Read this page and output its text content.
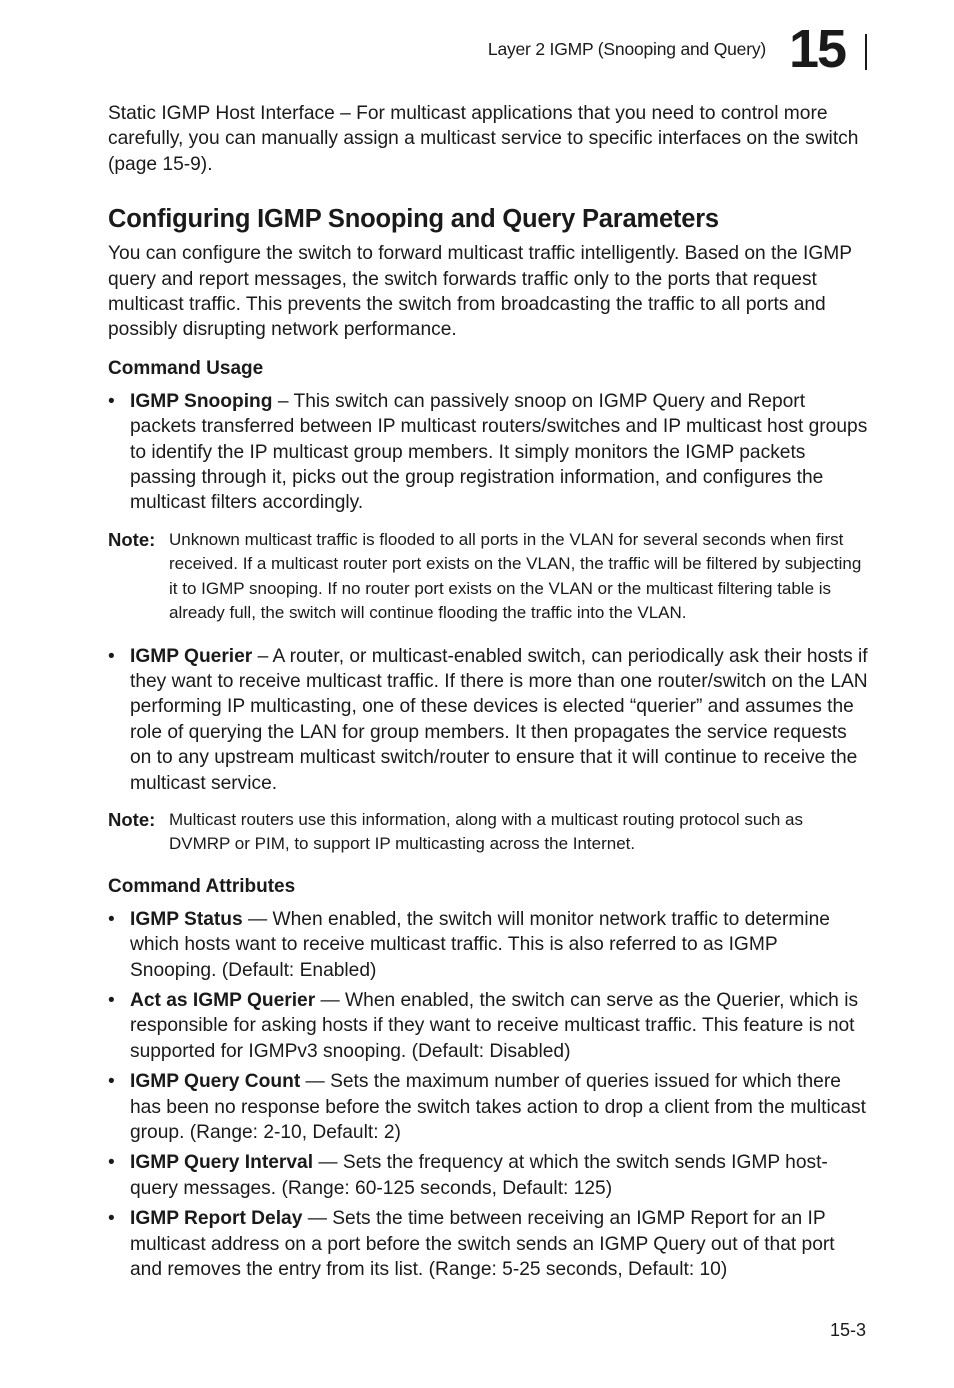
Layer 2 IGMP (Snooping and Query) 15

Static IGMP Host Interface – For multicast applications that you need to control more carefully, you can manually assign a multicast service to specific interfaces on the switch (page 15-9).

Configuring IGMP Snooping and Query Parameters

You can configure the switch to forward multicast traffic intelligently. Based on the IGMP query and report messages, the switch forwards traffic only to the ports that request multicast traffic. This prevents the switch from broadcasting the traffic to all ports and possibly disrupting network performance.

Command Usage
• IGMP Snooping – This switch can passively snoop on IGMP Query and Report packets transferred between IP multicast routers/switches and IP multicast host groups to identify the IP multicast group members. It simply monitors the IGMP packets passing through it, picks out the group registration information, and configures the multicast filters accordingly.
Note: Unknown multicast traffic is flooded to all ports in the VLAN for several seconds when first received. If a multicast router port exists on the VLAN, the traffic will be filtered by subjecting it to IGMP snooping. If no router port exists on the VLAN or the multicast filtering table is already full, the switch will continue flooding the traffic into the VLAN.
• IGMP Querier – A router, or multicast-enabled switch, can periodically ask their hosts if they want to receive multicast traffic. If there is more than one router/switch on the LAN performing IP multicasting, one of these devices is elected “querier” and assumes the role of querying the LAN for group members. It then propagates the service requests on to any upstream multicast switch/router to ensure that it will continue to receive the multicast service.
Note: Multicast routers use this information, along with a multicast routing protocol such as DVMRP or PIM, to support IP multicasting across the Internet.
Command Attributes
• IGMP Status — When enabled, the switch will monitor network traffic to determine which hosts want to receive multicast traffic. This is also referred to as IGMP Snooping. (Default: Enabled)
• Act as IGMP Querier — When enabled, the switch can serve as the Querier, which is responsible for asking hosts if they want to receive multicast traffic. This feature is not supported for IGMPv3 snooping. (Default: Disabled)
• IGMP Query Count — Sets the maximum number of queries issued for which there has been no response before the switch takes action to drop a client from the multicast group. (Range: 2-10, Default: 2)
• IGMP Query Interval — Sets the frequency at which the switch sends IGMP host-query messages. (Range: 60-125 seconds, Default: 125)
• IGMP Report Delay — Sets the time between receiving an IGMP Report for an IP multicast address on a port before the switch sends an IGMP Query out of that port and removes the entry from its list. (Range: 5-25 seconds, Default: 10)
15-3
